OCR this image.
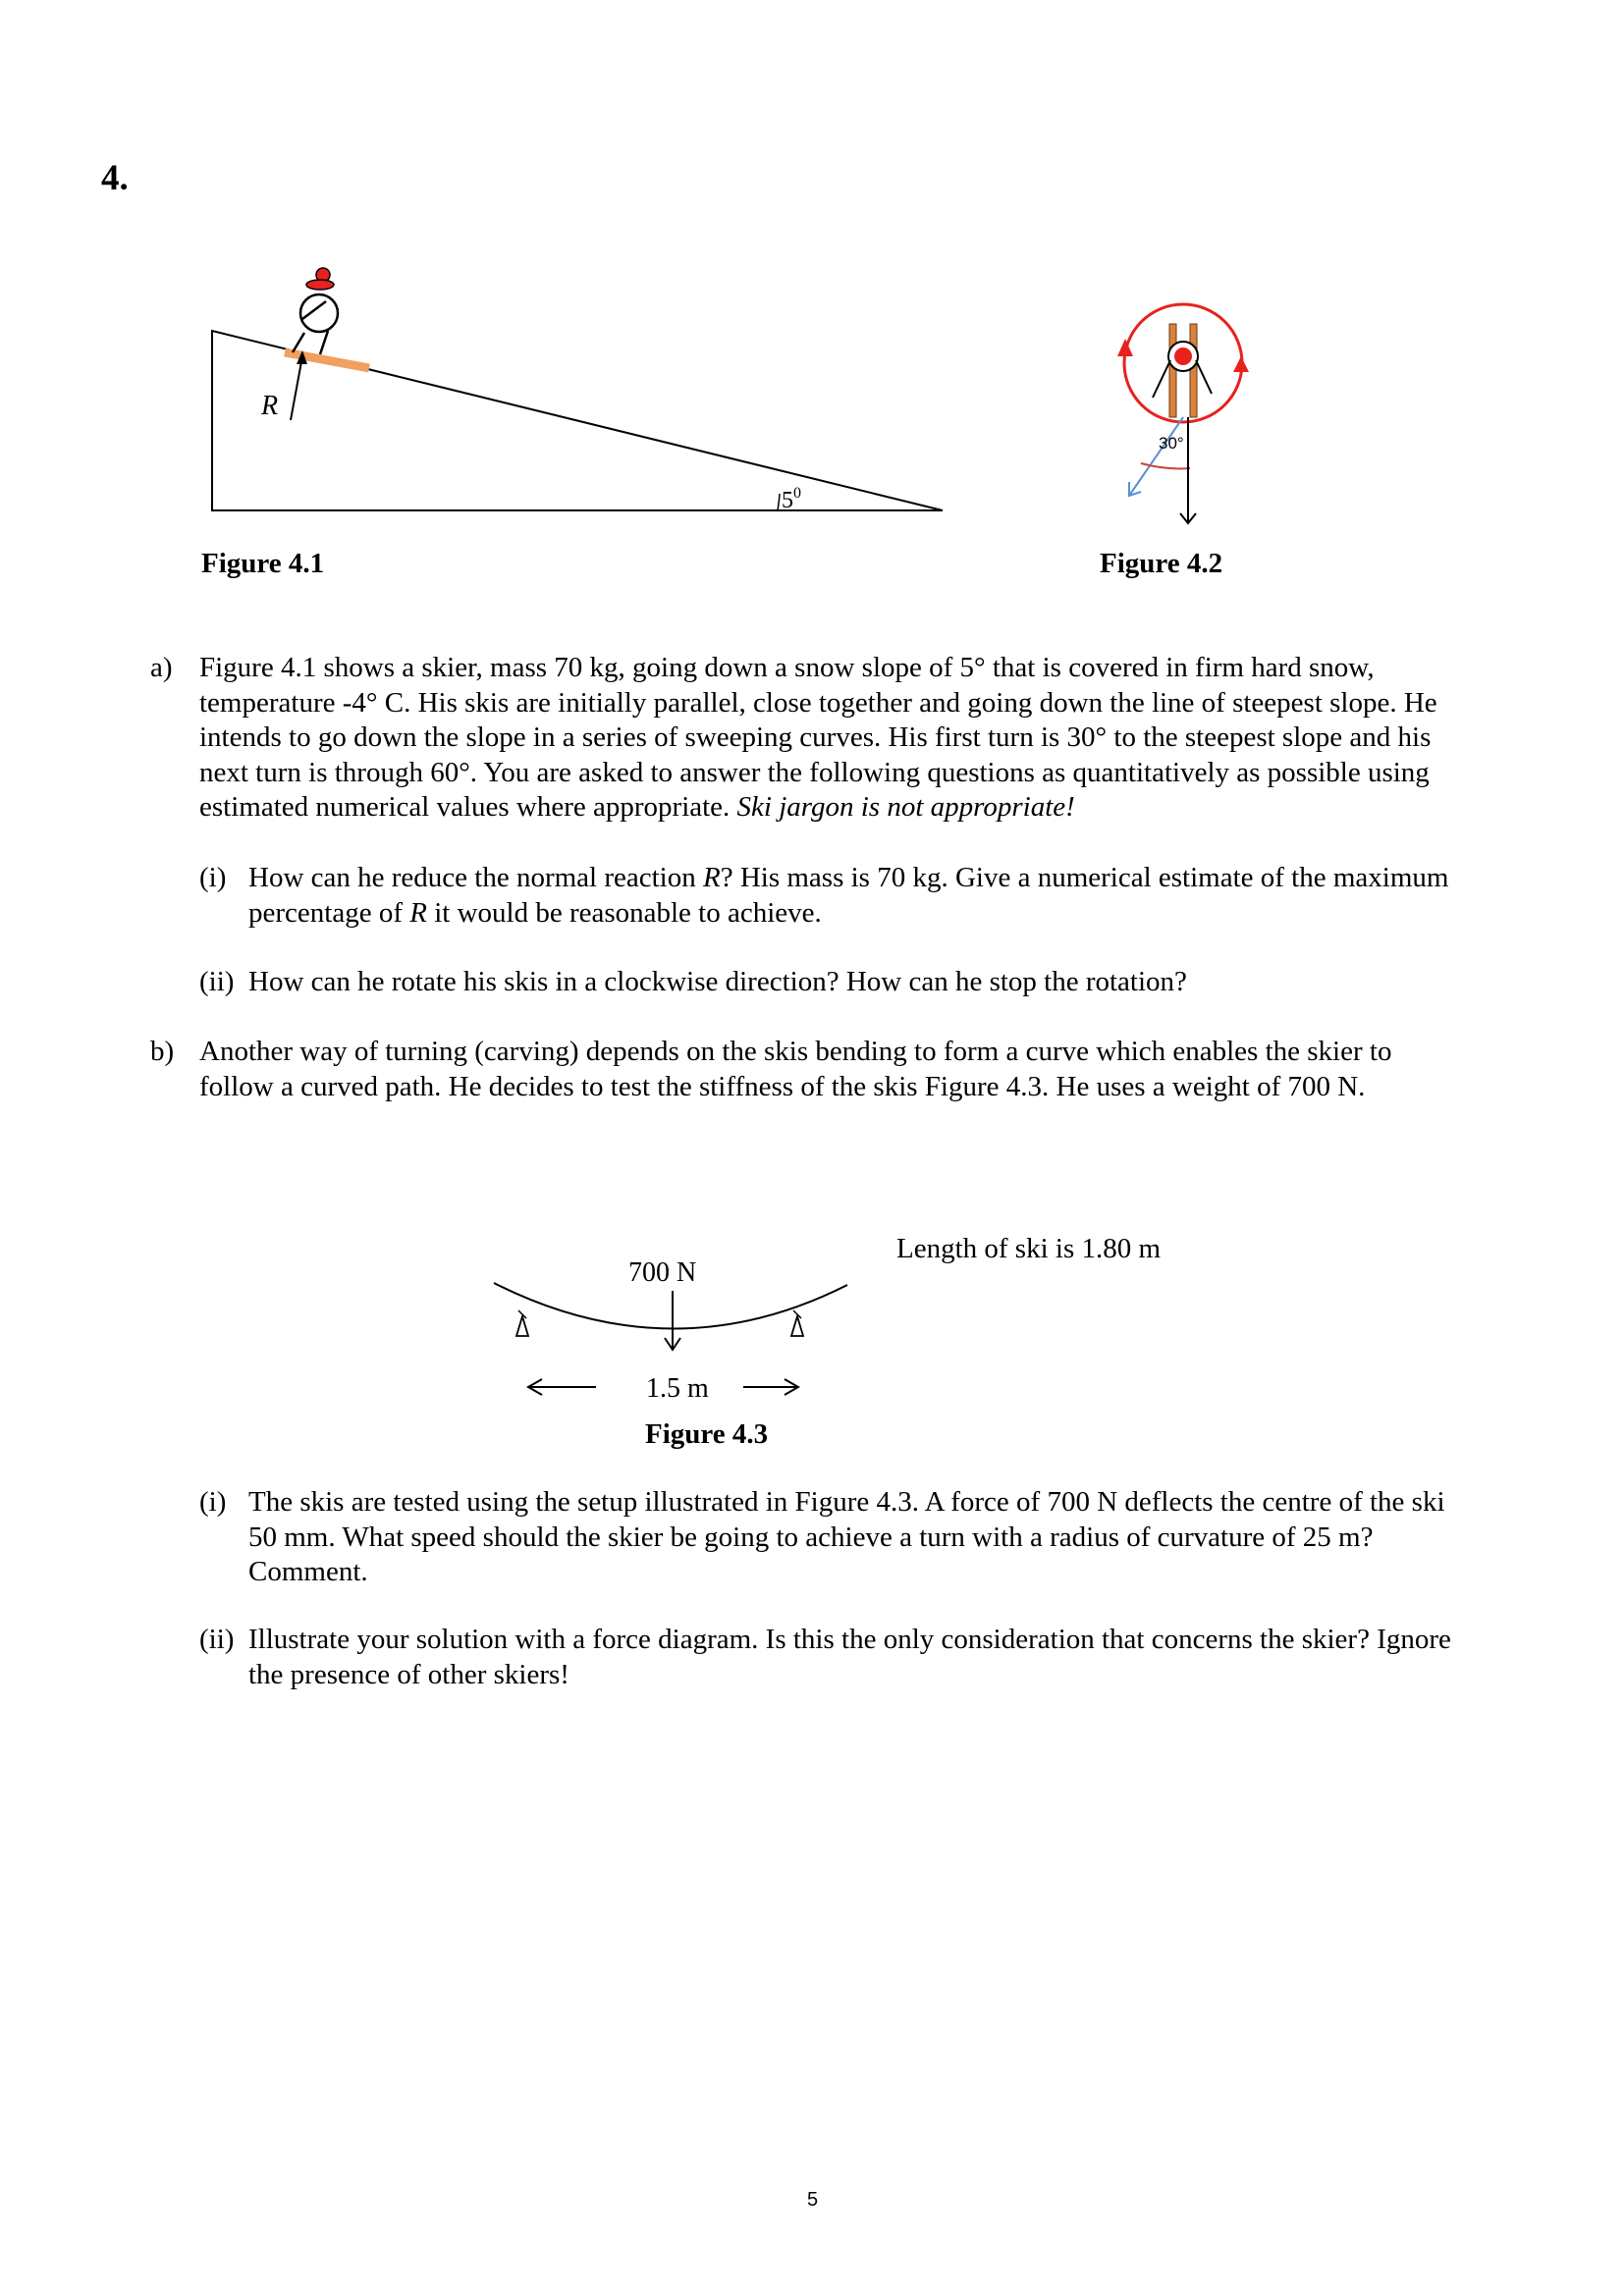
4.
R
$5^0$
Figure 4.1
30°
Figure 4.2
a) Figure 4.1 shows a skier, mass 70 kg, going down a snow slope of 5° that is covered in firm hard snow,
temperature -4° C. His skis are initially parallel, close together and going down the line of steepest slope. He
intends to go down the slope in a series of sweeping curves. His first turn is 30° to the steepest slope and his
next turn is through 60°. You are asked to answer the following questions as quantitatively as possible using
estimated numerical values where appropriate. Ski jargon is not appropriate!
(i) How can he reduce the normal reaction R? His mass is 70 kg. Give a numerical estimate of the maximum
percentage of R it would be reasonable to achieve.
(ii) How can he rotate his skis in a clockwise direction? How can he stop the rotation?
b) Another way of turning (carving) depends on the skis bending to form a curve which enables the skier to
follow a curved path. He decides to test the stiffness of the skis Figure 4.3. He uses a weight of 700 N.
700 N
1.5 m
Length of ski is 1.80 m
Figure 4.3
(i) The skis are tested using the setup illustrated in Figure 4.3. A force of 700 N deflects the centre of the ski
50 mm. What speed should the skier be going to achieve a turn with a radius of curvature of 25 m?
Comment.
(ii) Illustrate your solution with a force diagram. Is this the only consideration that concerns the skier? Ignore
the presence of other skiers!
5
